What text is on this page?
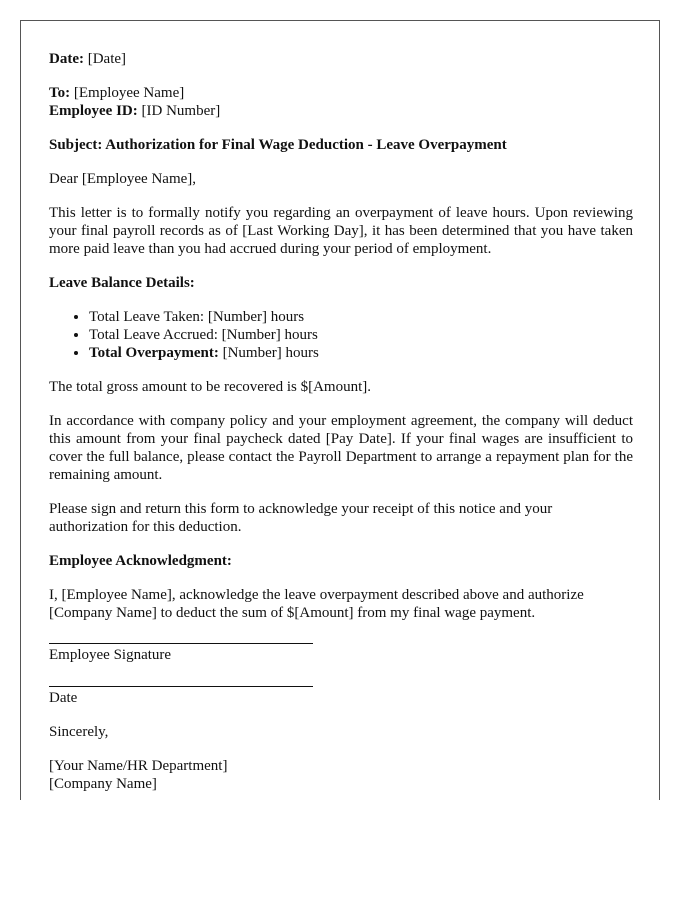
Date: [Date]

To: [Employee Name]

Employee ID: [ID Number]

Subject: Authorization for Final Wage Deduction - Leave Overpayment

Dear [Employee Name],

This letter is to formally notify you regarding an overpayment of leave hours. Upon reviewing your final payroll records as of [Last Working Day], it has been determined that you have taken more paid leave than you had accrued during your period of employment.

Leave Balance Details:

• Total Leave Taken: [Number] hours
• Total Leave Accrued: [Number] hours
• Total Overpayment: [Number] hours

The total gross amount to be recovered is $[Amount].

In accordance with company policy and your employment agreement, the company will deduct this amount from your final paycheck dated [Pay Date]. If your final wages are insufficient to cover the full balance, please contact the Payroll Department to arrange a repayment plan for the remaining amount.

Please sign and return this form to acknowledge your receipt of this notice and your authorization for this deduction.

Employee Acknowledgment:

I, [Employee Name], acknowledge the leave overpayment described above and authorize [Company Name] to deduct the sum of $[Amount] from my final wage payment.

Employee Signature
Date

Sincerely,

[Your Name/HR Department]

[Company Name]
